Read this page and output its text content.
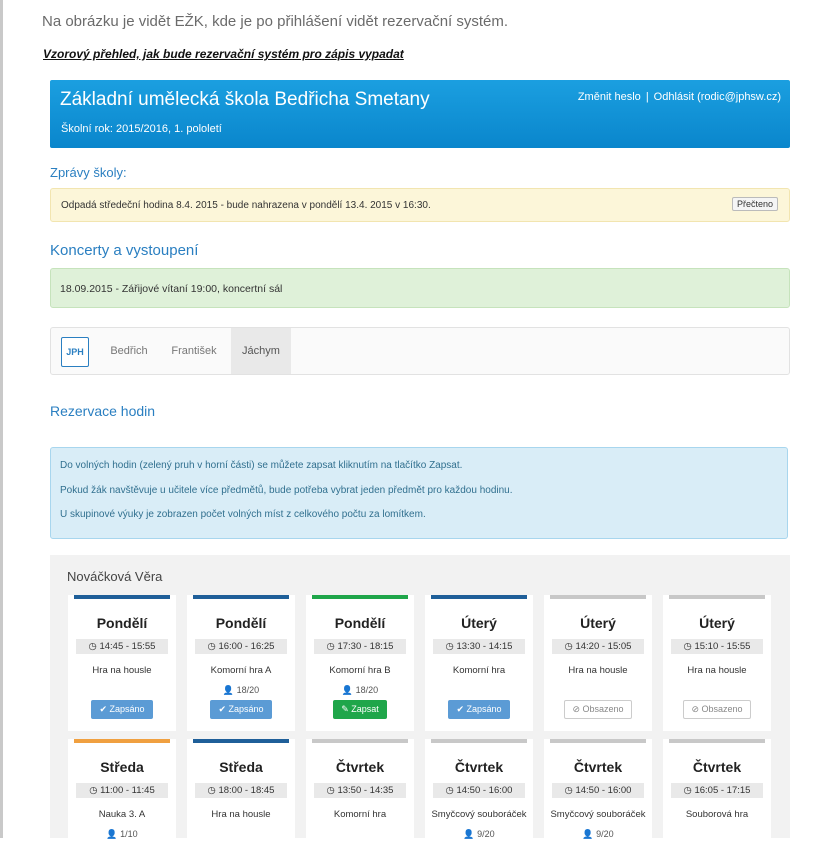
Na obrázku je vidět EŽK, kde je po přihlášení vidět rezervační systém.
Vzorový přehled, jak bude rezervační systém pro zápis vypadat
Základní umělecká škola Bedřicha Smetany
Školní rok: 2015/2016, 1. pololetí
Změnit heslo | Odhlásit (rodic@jphsw.cz)
Zprávy školy:
Odpadá středeční hodina 8.4. 2015 - bude nahrazena v pondělí 13.4. 2015 v 16:30.	Přečteno
Koncerty a vystoupení
18.09.2015 - Zářijové vítaní 19:00, koncertní sál
JPH	Bedřich	František	Jáchym
Rezervace hodin
Do volných hodin (zelený pruh v horní části) se můžete zapsat kliknutím na tlačítko Zapsat.
Pokud žák navštěvuje u učitele více předmětů, bude potřeba vybrat jeden předmět pro každou hodinu.
U skupinové výuky je zobrazen počet volných míst z celkového počtu za lomítkem.
Nováčková Věra
Pondělí
◷ 14:45 - 15:55
Hra na housle
✔ Zapsáno
Pondělí
◷ 16:00 - 16:25
Komorní hra A
👤 18/20
✔ Zapsáno
Pondělí
◷ 17:30 - 18:15
Komorní hra B
👤 18/20
✎ Zapsat
Úterý
◷ 13:30 - 14:15
Komorní hra
✔ Zapsáno
Úterý
◷ 14:20 - 15:05
Hra na housle
⊘ Obsazeno
Úterý
◷ 15:10 - 15:55
Hra na housle
⊘ Obsazeno
Středa
◷ 11:00 - 11:45
Nauka 3. A
👤 1/10
Středa
◷ 18:00 - 18:45
Hra na housle
Čtvrtek
◷ 13:50 - 14:35
Komorní hra
Čtvrtek
◷ 14:50 - 16:00
Smyčcový souboráček
👤 9/20
Čtvrtek
◷ 14:50 - 16:00
Smyčcový souboráček
👤 9/20
Čtvrtek
◷ 16:05 - 17:15
Souborová hra
